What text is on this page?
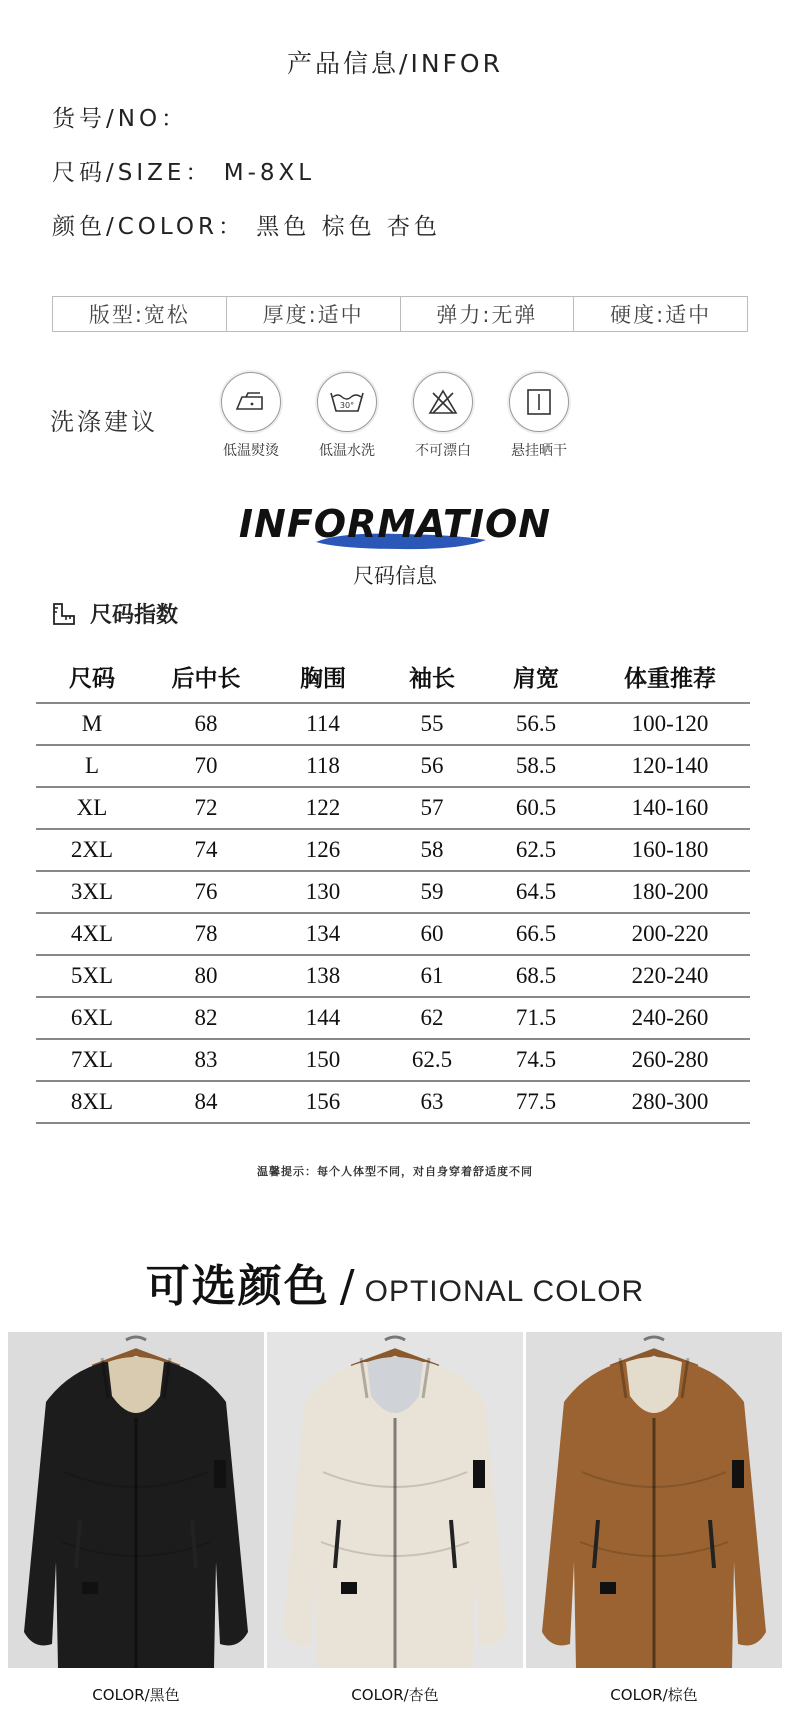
产品信息/INFOR
货号/NO：
尺码/SIZE： M-8XL
颜色/COLOR： 黑色 棕色 杏色
版型:宽松	厚度:适中	弹力:无弹	硬度:适中
洗涤建议
低温熨烫
30°
低温水洗	不可漂白	悬挂晒干
INFORMATION
尺码信息
尺码指数
尺码	后中长	胸围	袖长	肩宽	体重推荐
M	68	114	55	56.5	100-120
L	70	118	56	58.5	120-140
XL	72	122	57	60.5	140-160
2XL	74	126	58	62.5	160-180
3XL	76	130	59	64.5	180-200
4XL	78	134	60	66.5	200-220
5XL	80	138	61	68.5	220-240
6XL	82	144	62	71.5	240-260
7XL	83	150	62.5	74.5	260-280
8XL	84	156	63	77.5	280-300
温馨提示：每个人体型不同，对自身穿着舒适度不同
可选颜色 / OPTIONAL COLOR
COLOR/黑色	COLOR/杏色	COLOR/棕色
